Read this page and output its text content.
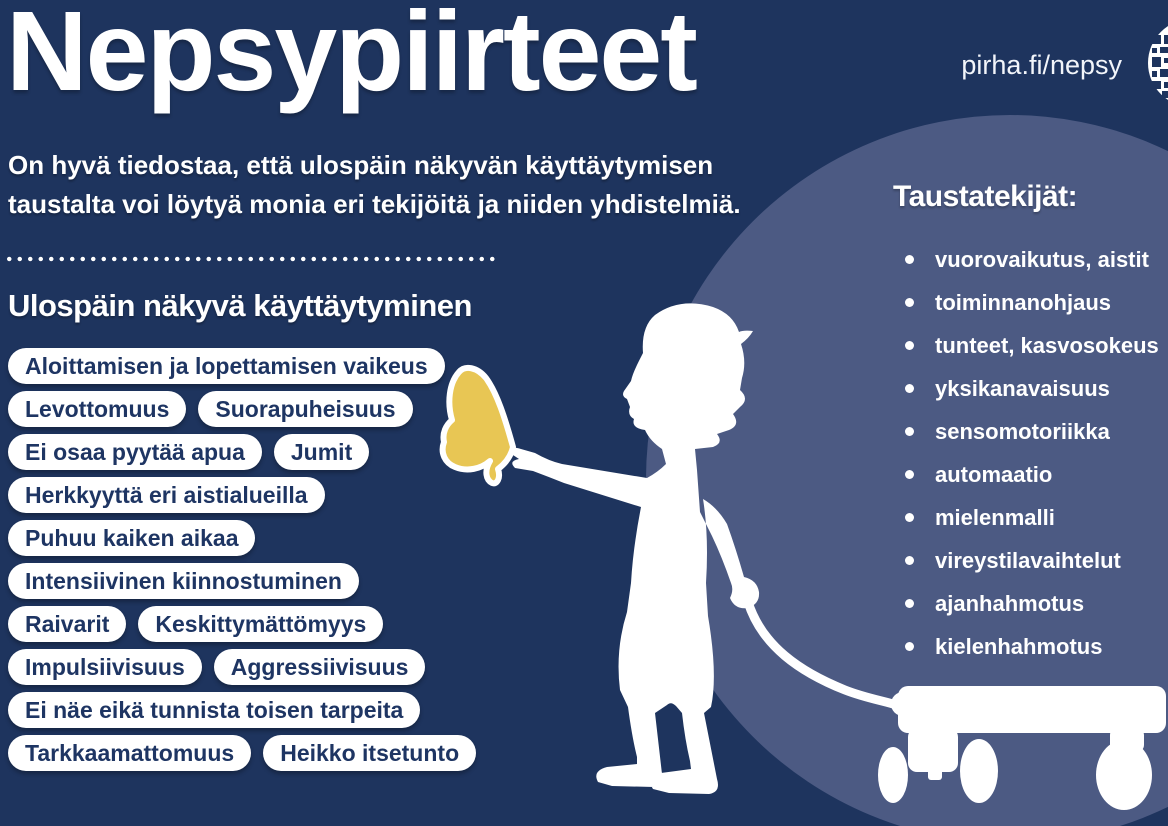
Nepsypiirteet	pirha.fi/nepsy
On hyvä tiedostaa, että ulospäin näkyvän käyttäytymisen
taustalta voi löytyä monia eri tekijöitä ja niiden yhdistelmiä.
Ulospäin näkyvä käyttäytyminen
Aloittamisen ja lopettamisen vaikeus
Levottomuus	Suorapuheisuus
Ei osaa pyytää apua	Jumit
Herkkyyttä eri aistialueilla
Puhuu kaiken aikaa
Intensiivinen kiinnostuminen
Raivarit	Keskittymättömyys
Impulsiivisuus	Aggressiivisuus
Ei näe eikä tunnista toisen tarpeita
Tarkkaamattomuus	Heikko itsetunto
Taustatekijät:
vuorovaikutus, aistit
toiminnanohjaus
tunteet, kasvosokeus
yksikanavaisuus
sensomotoriikka
automaatio
mielenmalli
vireystilavaihtelut
ajanhahmotus
kielenhahmotus
